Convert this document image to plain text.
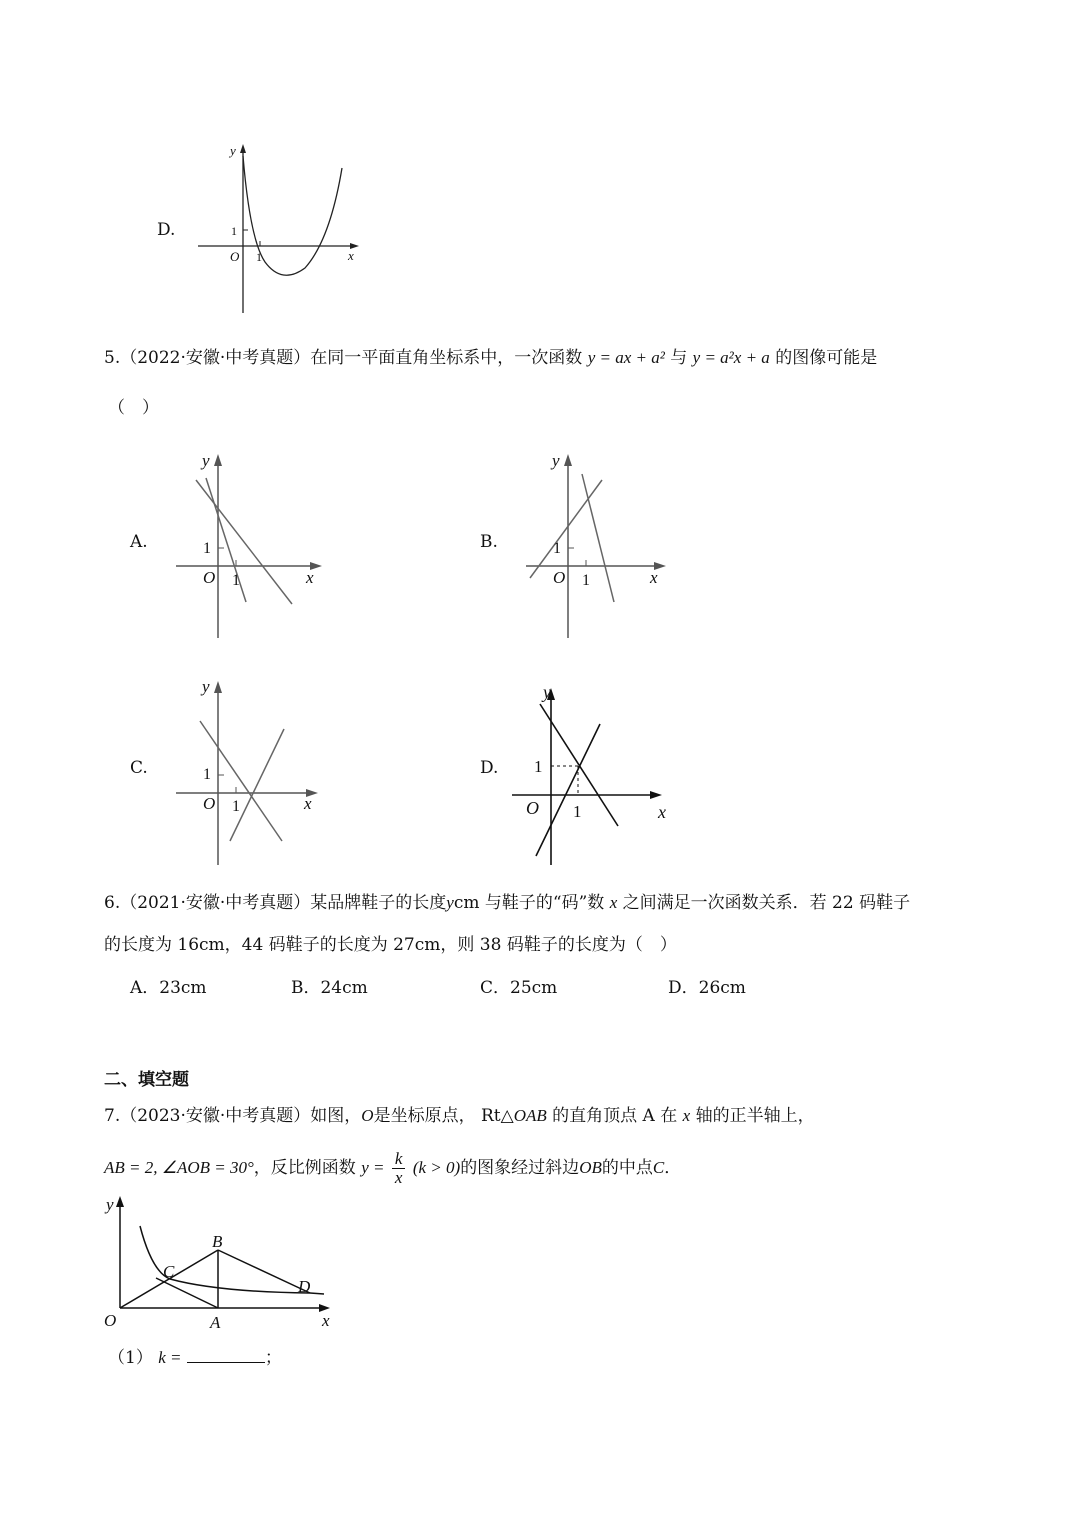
D.
y
x
O
1
1
5.（2022·安徽·中考真题）在同一平面直角坐标系中，一次函数 y = ax + a² 与 y = a²x + a 的图像可能是
（　）
A.
y
x
O
1
1
B.
y
x
O
1
1
C.
y
x
O
1
1
D.
y
x
O
1
1
6.（2021·安徽·中考真题）某品牌鞋子的长度ycm 与鞋子的“码”数 x 之间满足一次函数关系．若 22 码鞋子
的长度为 16cm，44 码鞋子的长度为 27cm，则 38 码鞋子的长度为（　）
A．23cm	B．24cm	C．25cm	D．26cm
二、填空题
7.（2023·安徽·中考真题）如图，O是坐标原点， Rt△OAB 的直角顶点 A 在 x 轴的正半轴上，
AB = 2, ∠AOB = 30°，反比例函数 $y = \frac{k}{x} (k > 0)$的图象经过斜边OB的中点C．
y
x
O	A
B
C
D
（1） k =	；
